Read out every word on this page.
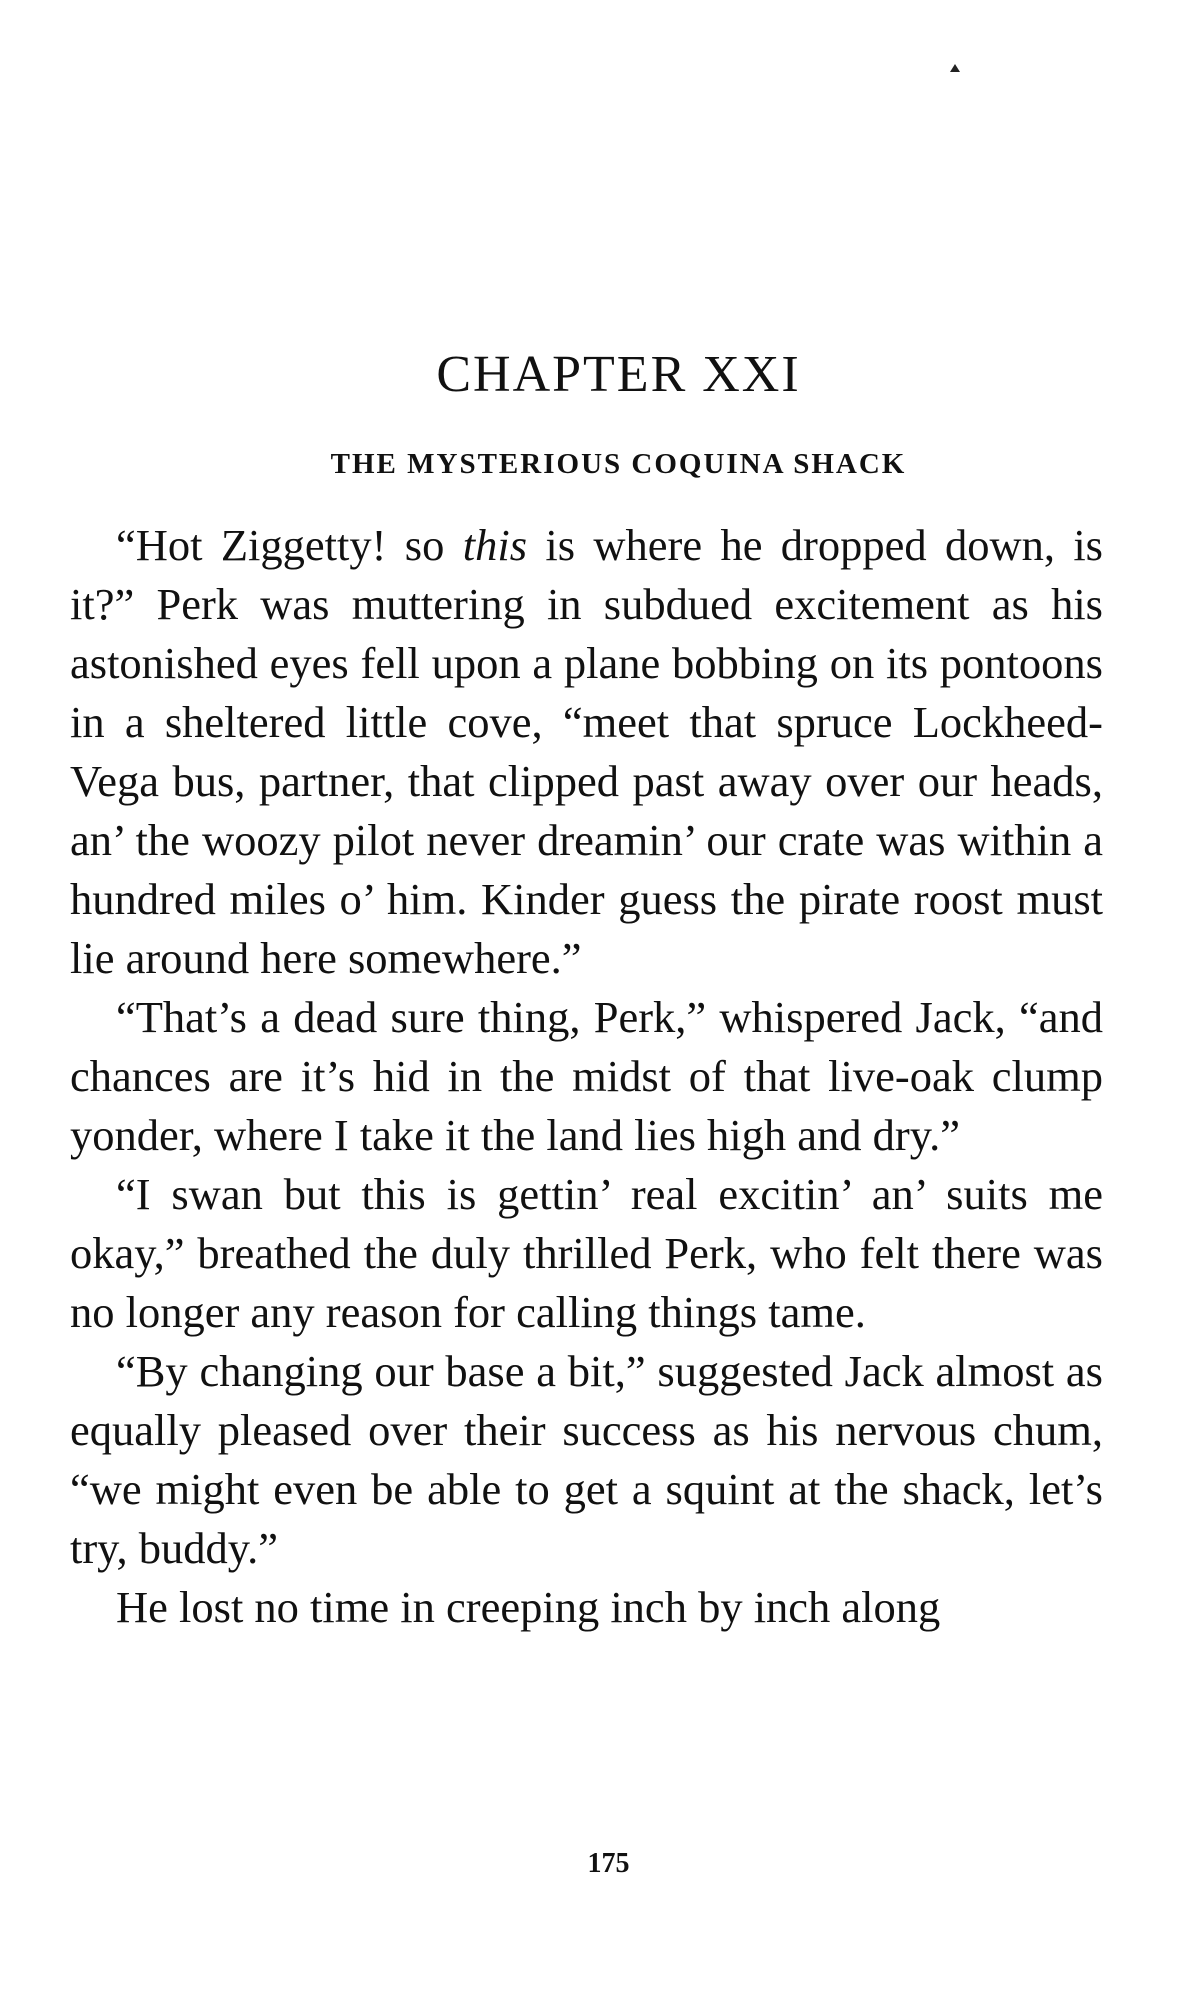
CHAPTER XXI
THE MYSTERIOUS COQUINA SHACK

“Hot Ziggetty! so this is where he dropped down, is it?” Perk was muttering in subdued excitement as his astonished eyes fell upon a plane bobbing on its pontoons in a sheltered little cove, “meet that spruce Lockheed-Vega bus, partner, that clipped past away over our heads, an’ the woozy pilot never dreamin’ our crate was within a hundred miles o’ him. Kinder guess the pirate roost must lie around here somewhere.”

“That’s a dead sure thing, Perk,” whispered Jack, “and chances are it’s hid in the midst of that live-oak clump yonder, where I take it the land lies high and dry.”

“I swan but this is gettin’ real excitin’ an’ suits me okay,” breathed the duly thrilled Perk, who felt there was no longer any reason for calling things tame.

“By changing our base a bit,” suggested Jack almost as equally pleased over their success as his nervous chum, “we might even be able to get a squint at the shack, let’s try, buddy.”

He lost no time in creeping inch by inch along

175
